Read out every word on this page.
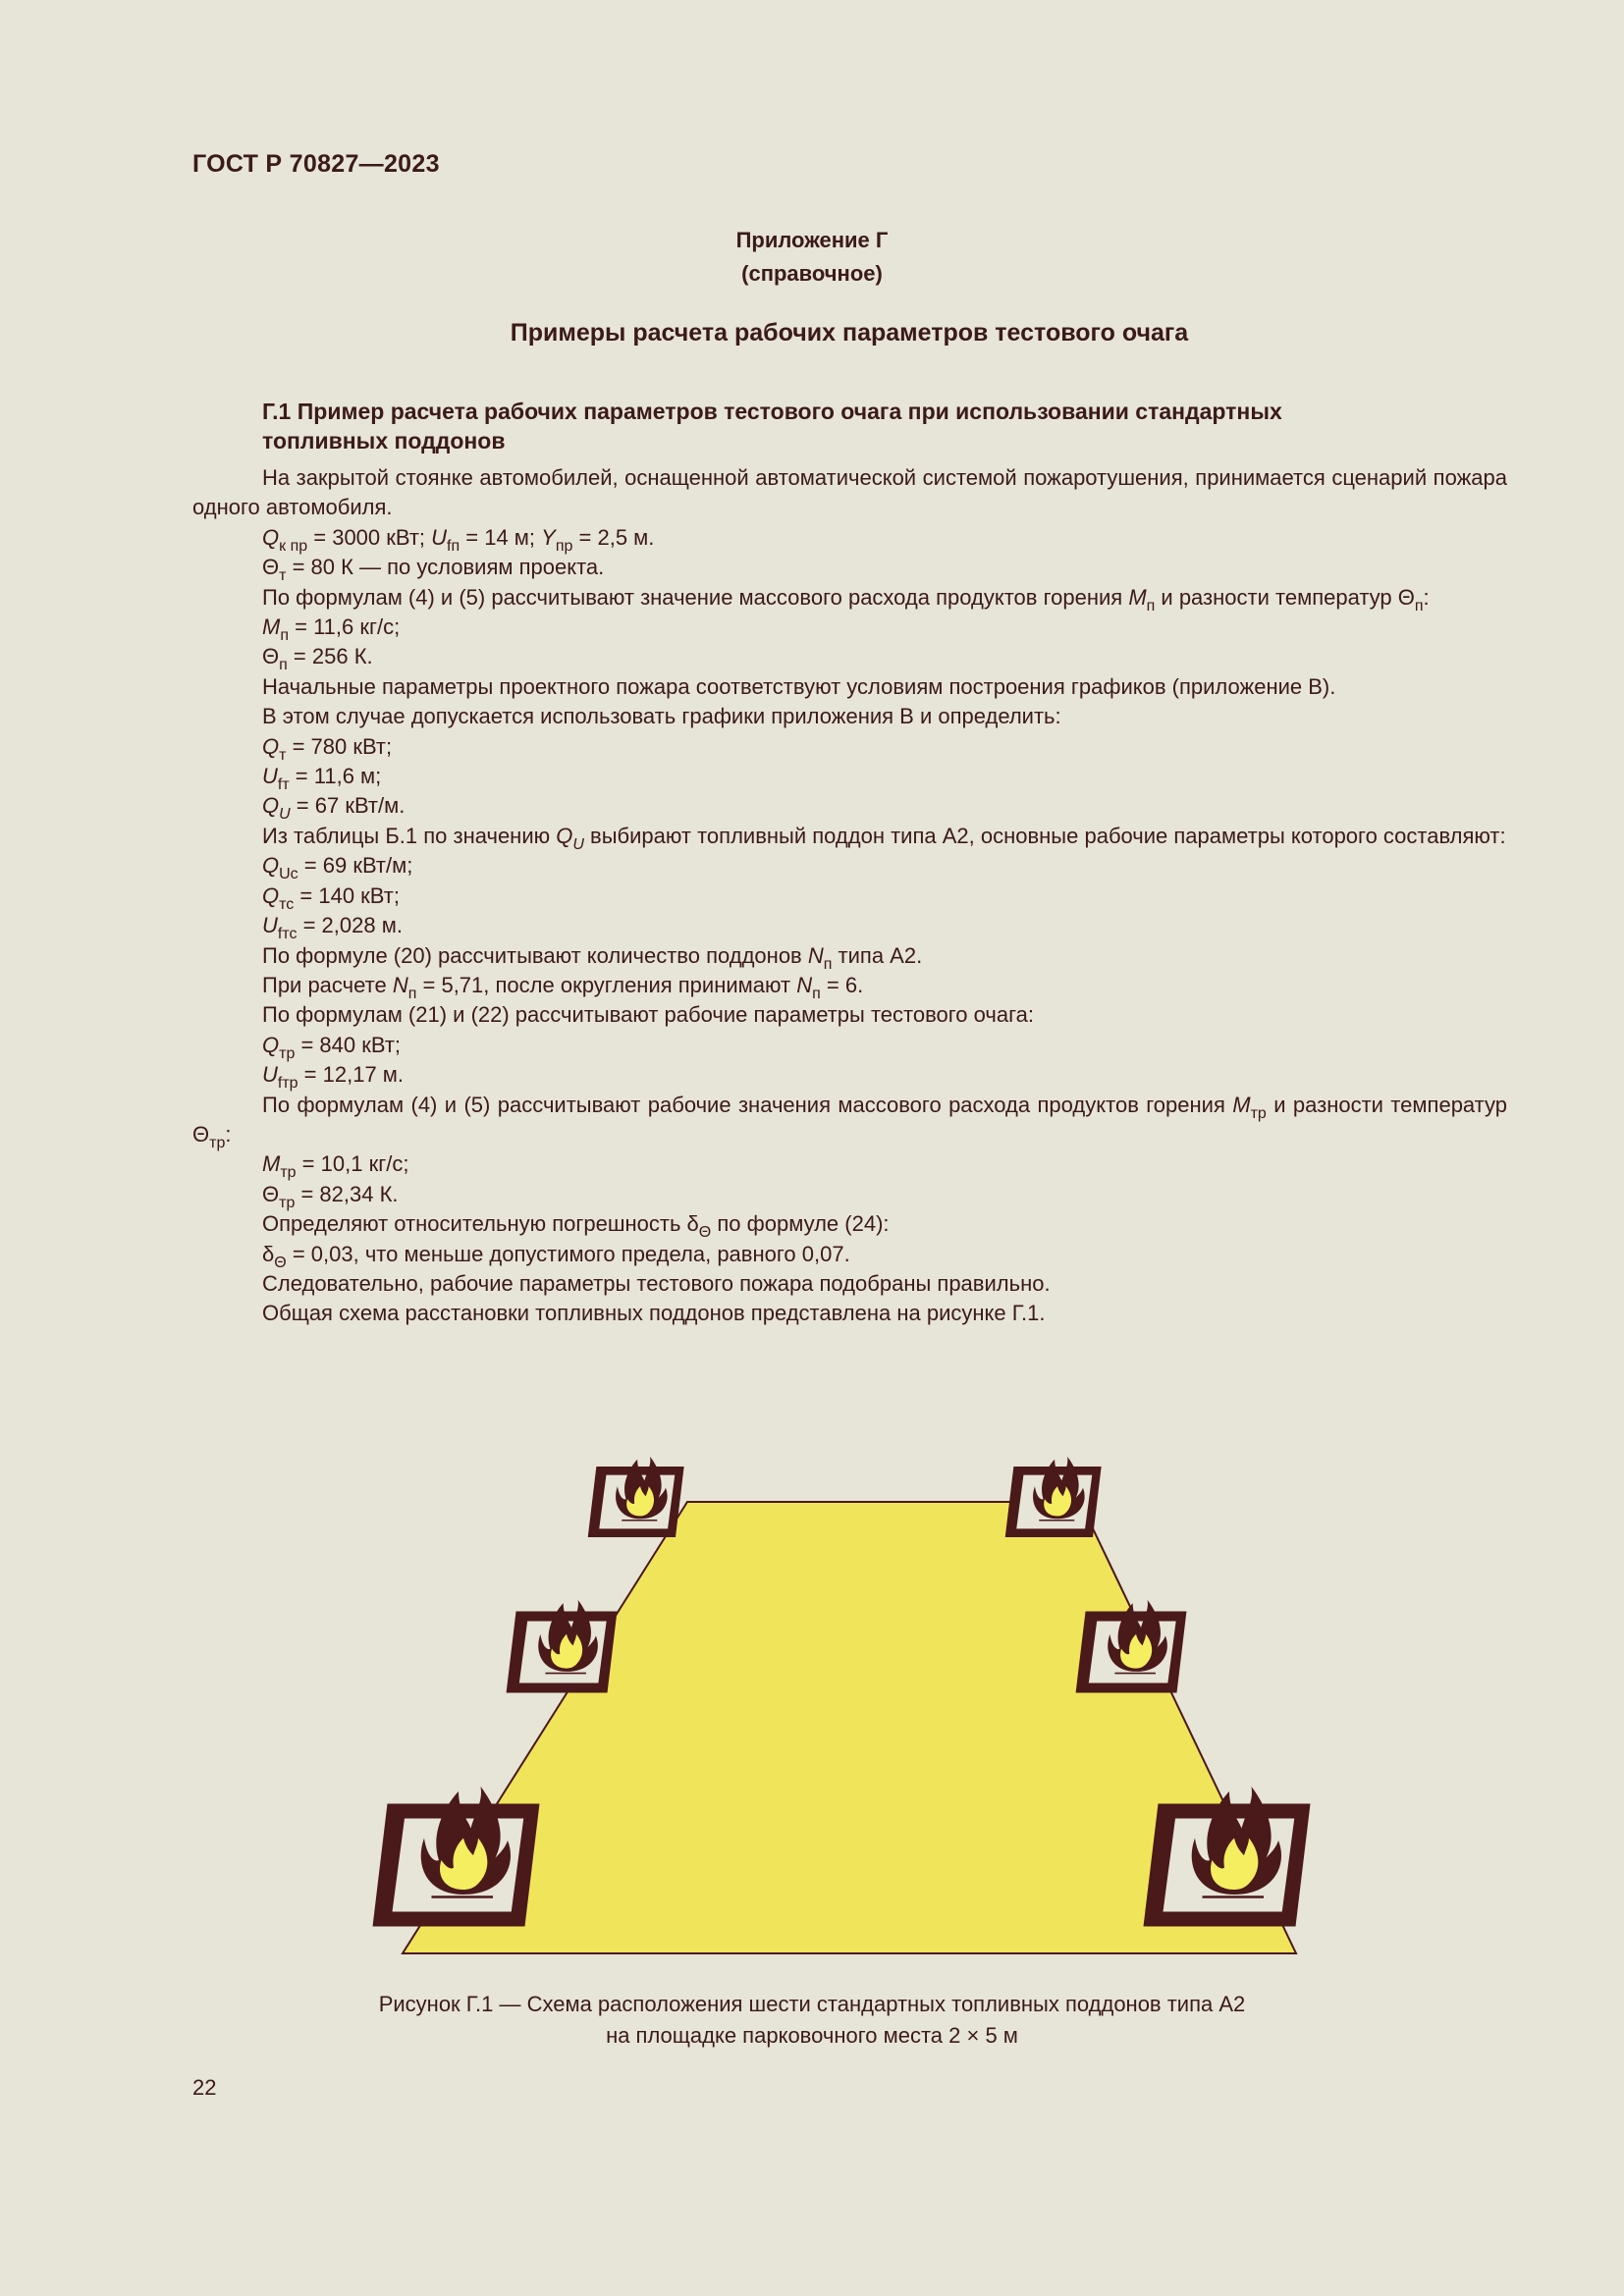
ГОСТ Р 70827—2023
Приложение Г
(справочное)
Примеры расчета рабочих параметров тестового очага
Г.1 Пример расчета рабочих параметров тестового очага при использовании стандартных
топливных поддонов

На закрытой стоянке автомобилей, оснащенной автоматической системой пожаротушения, принимается сценарий пожара одного автомобиля.

$Q_{к пр} = 3000$ кВт; $U_{fп} = 14$ м; $Y_{пр} = 2,5$ м.

$\Theta_т = 80$ К — по условиям проекта.

По формулам (4) и (5) рассчитывают значение массового расхода продуктов горения $M_п$ и разности температур $\Theta_п$:

$M_п = 11,6$ кг/с;

$\Theta_п = 256$ К.

Начальные параметры проектного пожара соответствуют условиям построения графиков (приложение В).

В этом случае допускается использовать графики приложения В и определить:

$Q_т = 780$ кВт;

$U_{fт} = 11,6$ м;

$Q_U = 67$ кВт/м.

Из таблицы Б.1 по значению $Q_U$ выбирают топливный поддон типа А2, основные рабочие параметры которого составляют:

$Q_{Uc} = 69$ кВт/м;

$Q_{тс} = 140$ кВт;

$U_{fтс} = 2,028$ м.

По формуле (20) рассчитывают количество поддонов $N_п$ типа А2.

При расчете $N_п = 5,71$, после округления принимают $N_п = 6$.

По формулам (21) и (22) рассчитывают рабочие параметры тестового очага:

$Q_{тр} = 840$ кВт;

$U_{fтр} = 12,17$ м.

По формулам (4) и (5) рассчитывают рабочие значения массового расхода продуктов горения $M_{тр}$ и разности температур $\Theta_{тр}$:

$M_{тр} = 10,1$ кг/с;

$\Theta_{тр} = 82,34$ К.

Определяют относительную погрешность $\delta_\Theta$ по формуле (24):

$\delta_\Theta = 0,03$, что меньше допустимого предела, равного 0,07.

Следовательно, рабочие параметры тестового пожара подобраны правильно.

Общая схема расстановки топливных поддонов представлена на рисунке Г.1.

Рисунок Г.1 — Схема расположения шести стандартных топливных поддонов типа А2
на площадке парковочного места 2 × 5 м
22
